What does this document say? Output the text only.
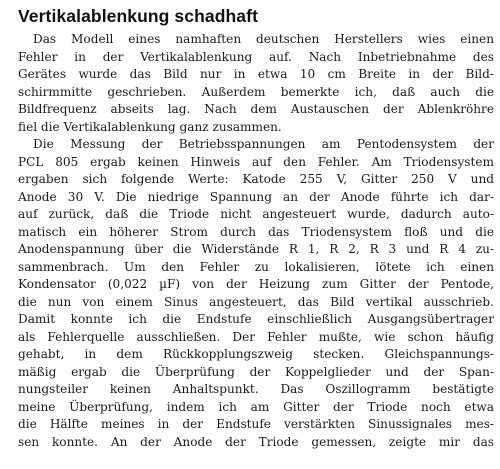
Vertikalablenkung schadhaft
Das Modell eines namhaften deutschen Herstellers wies einen
Fehler in der Vertikalablenkung auf. Nach Inbetriebnahme des
Gerätes wurde das Bild nur in etwa 10 cm Breite in der Bild-
schirmmitte geschrieben. Außerdem bemerkte ich, daß auch die
Bildfrequenz abseits lag. Nach dem Austauschen der Ablenkröhre
fiel die Vertikalablenkung ganz zusammen.
Die Messung der Betriebsspannungen am Pentodensystem der
PCL 805 ergab keinen Hinweis auf den Fehler. Am Triodensystem
ergaben sich folgende Werte: Katode 255 V, Gitter 250 V und
Anode 30 V. Die niedrige Spannung an der Anode führte ich dar-
auf zurück, daß die Triode nicht angesteuert wurde, dadurch auto-
matisch ein höherer Strom durch das Triodensystem floß und die
Anodenspannung über die Widerstände R 1, R 2, R 3 und R 4 zu-
sammenbrach. Um den Fehler zu lokalisieren, lötete ich einen
Kondensator (0,022 µF) von der Heizung zum Gitter der Pentode,
die nun von einem Sinus angesteuert, das Bild vertikal ausschrieb.
Damit konnte ich die Endstufe einschließlich Ausgangsübertrager
als Fehlerquelle ausschließen. Der Fehler mußte, wie schon häufig
gehabt, in dem Rückkopplungszweig stecken. Gleichspannungs-
mäßig ergab die Überprüfung der Koppelglieder und der Span-
nungsteiler keinen Anhaltspunkt. Das Oszillogramm bestätigte
meine Überprüfung, indem ich am Gitter der Triode noch etwa
die Hälfte meines in der Endstufe verstärkten Sinussignales mes-
sen konnte. An der Anode der Triode gemessen, zeigte mir das
